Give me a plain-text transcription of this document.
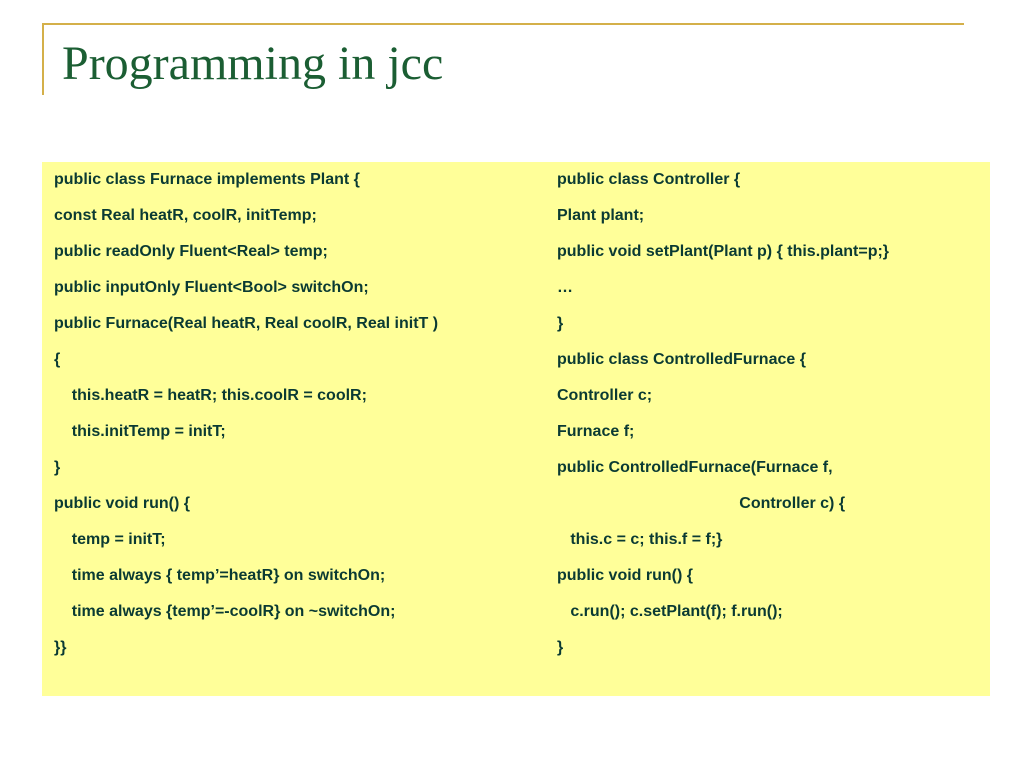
Programming in jcc
public class Furnace implements Plant {
const Real heatR, coolR, initTemp;
public readOnly Fluent<Real> temp;
public inputOnly Fluent<Bool> switchOn;
public Furnace(Real heatR, Real coolR, Real initT )
{
this.heatR = heatR; this.coolR = coolR;
this.initTemp = initT;
}
public void run() {
temp = initT;
time always { temp’=heatR} on switchOn;
time always {temp’=-coolR} on ~switchOn;
}}
public class Controller {
Plant plant;
public void setPlant(Plant p) { this.plant=p;}
…
}
public class ControlledFurnace {
Controller c;
Furnace f;
public ControlledFurnace(Furnace f,
Controller c) {
this.c = c; this.f = f;}
public void run() {
c.run(); c.setPlant(f); f.run();
}
